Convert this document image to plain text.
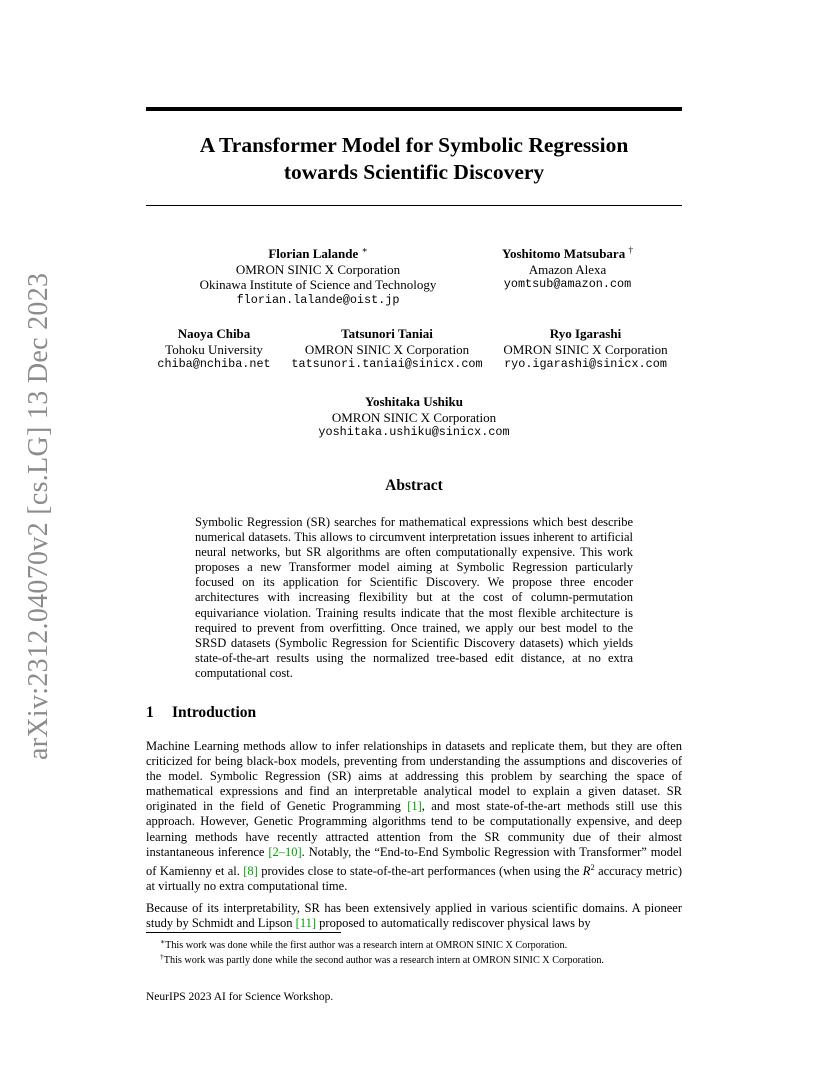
arXiv:2312.04070v2 [cs.LG] 13 Dec 2023
A Transformer Model for Symbolic Regression
towards Scientific Discovery
Florian Lalande ∗
OMRON SINIC X Corporation
Okinawa Institute of Science and Technology
florian.lalande@oist.jp
Yoshitomo Matsubara †
Amazon Alexa
yomtsub@amazon.com
Naoya Chiba
Tohoku University
chiba@nchiba.net
Tatsunori Taniai
OMRON SINIC X Corporation
tatsunori.taniai@sinicx.com
Ryo Igarashi
OMRON SINIC X Corporation
ryo.igarashi@sinicx.com
Yoshitaka Ushiku
OMRON SINIC X Corporation
yoshitaka.ushiku@sinicx.com
Abstract
Symbolic Regression (SR) searches for mathematical expressions which best describe numerical datasets. This allows to circumvent interpretation issues inherent to artificial neural networks, but SR algorithms are often computationally expensive. This work proposes a new Transformer model aiming at Symbolic Regression particularly focused on its application for Scientific Discovery. We propose three encoder architectures with increasing flexibility but at the cost of column-permutation equivariance violation. Training results indicate that the most flexible architecture is required to prevent from overfitting. Once trained, we apply our best model to the SRSD datasets (Symbolic Regression for Scientific Discovery datasets) which yields state-of-the-art results using the normalized tree-based edit distance, at no extra computational cost.
1 Introduction
Machine Learning methods allow to infer relationships in datasets and replicate them, but they are often criticized for being black-box models, preventing from understanding the assumptions and discoveries of the model. Symbolic Regression (SR) aims at addressing this problem by searching the space of mathematical expressions and find an interpretable analytical model to explain a given dataset. SR originated in the field of Genetic Programming [1], and most state-of-the-art methods still use this approach. However, Genetic Programming algorithms tend to be computationally expensive, and deep learning methods have recently attracted attention from the SR community due of their almost instantaneous inference [2–10]. Notably, the “End-to-End Symbolic Regression with Transformer” model of Kamienny et al. [8] provides close to state-of-the-art performances (when using the $R^2$ accuracy metric) at virtually no extra computational time.
Because of its interpretability, SR has been extensively applied in various scientific domains. A pioneer study by Schmidt and Lipson [11] proposed to automatically rediscover physical laws by
∗This work was done while the first author was a research intern at OMRON SINIC X Corporation.
†This work was partly done while the second author was a research intern at OMRON SINIC X Corporation.
NeurIPS 2023 AI for Science Workshop.
